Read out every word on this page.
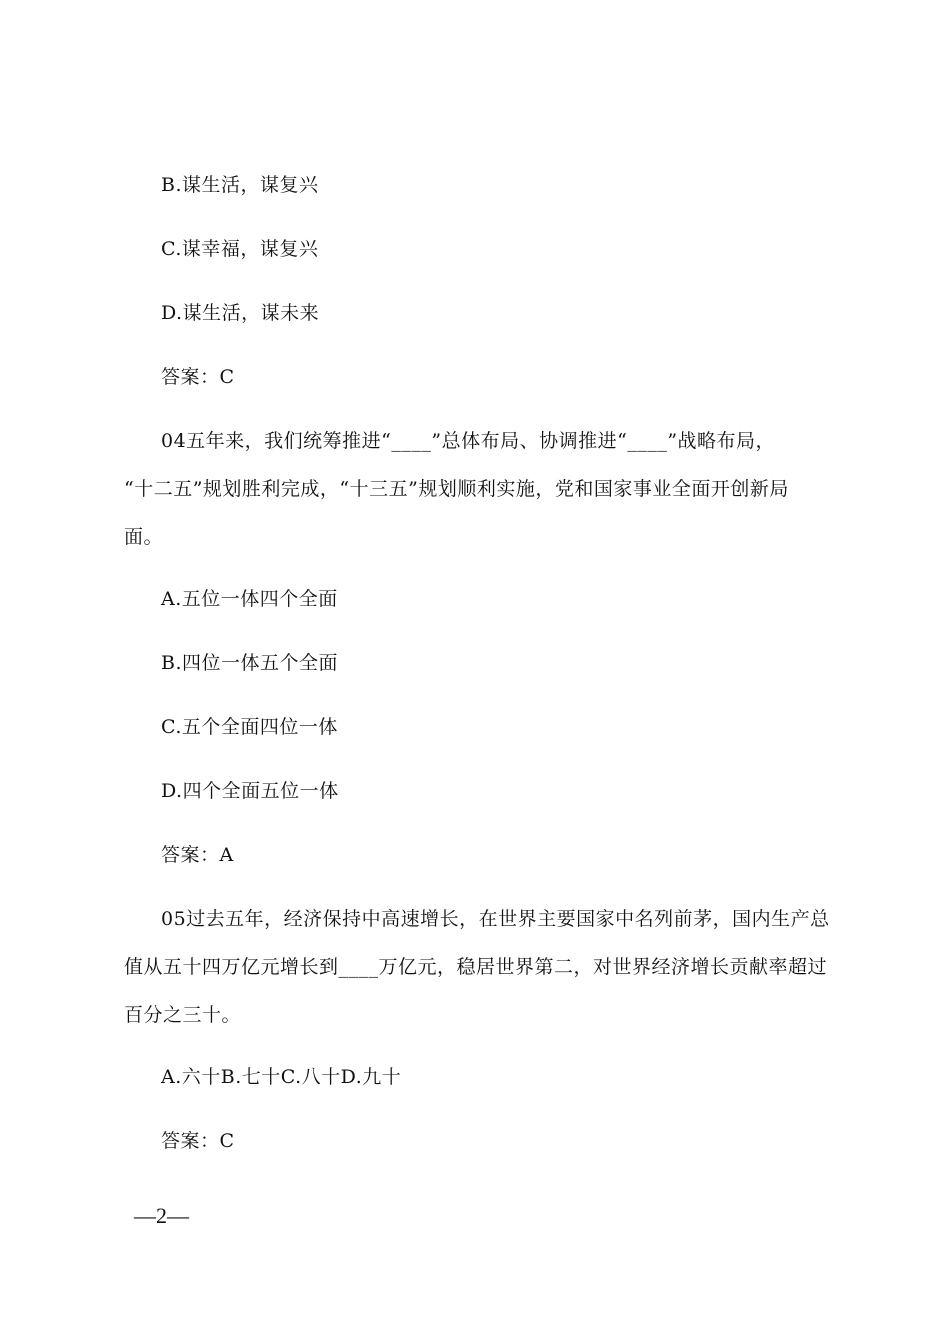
B.谋生活，谋复兴
C.谋幸福，谋复兴
D.谋生活，谋未来
答案：C
04五年来，我们统筹推进“____”总体布局、协调推进“____”战略布局，
“十二五”规划胜利完成，“十三五”规划顺利实施，党和国家事业全面开创新局
面。
A.五位一体四个全面
B.四位一体五个全面
C.五个全面四位一体
D.四个全面五位一体
答案：A
05过去五年，经济保持中高速增长，在世界主要国家中名列前茅，国内生产总
值从五十四万亿元增长到____万亿元，稳居世界第二，对世界经济增长贡献率超过
百分之三十。
A.六十B.七十C.八十D.九十
答案：C
—2—
